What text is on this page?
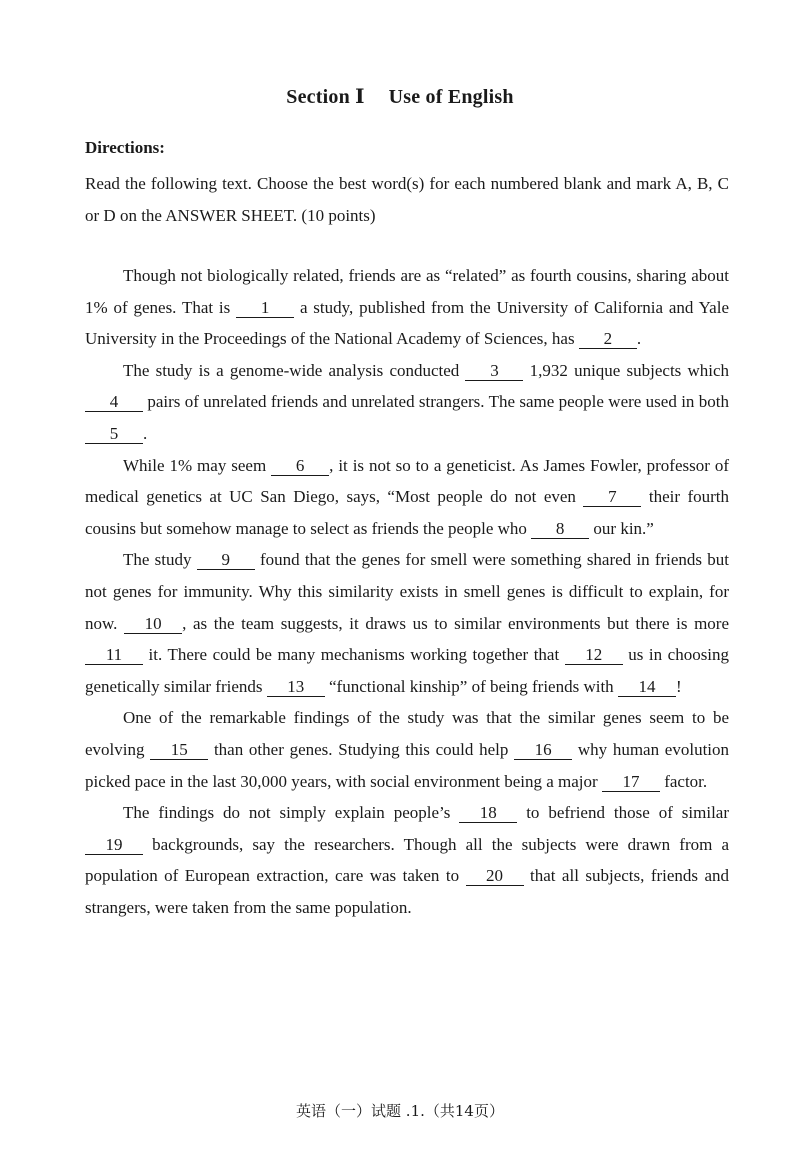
Section Ⅰ Use of English
Directions:
Read the following text. Choose the best word(s) for each numbered blank and mark A, B, C or D on the ANSWER SHEET. (10 points)

Though not biologically related, friends are as “related” as fourth cousins, sharing about 1% of genes. That is 1 a study, published from the University of California and Yale University in the Proceedings of the National Academy of Sciences, has 2 .

The study is a genome-wide analysis conducted 3 1,932 unique subjects which 4 pairs of unrelated friends and unrelated strangers. The same people were used in both 5 .

While 1% may seem 6 , it is not so to a geneticist. As James Fowler, professor of medical genetics at UC San Diego, says, “Most people do not even 7 their fourth cousins but somehow manage to select as friends the people who 8 our kin.”

The study 9 found that the genes for smell were something shared in friends but not genes for immunity. Why this similarity exists in smell genes is difficult to explain, for now. 10 , as the team suggests, it draws us to similar environments but there is more 11 it. There could be many mechanisms working together that 12 us in choosing genetically similar friends 13 “functional kinship” of being friends with 14 !

One of the remarkable findings of the study was that the similar genes seem to be evolving 15 than other genes. Studying this could help 16 why human evolution picked pace in the last 30,000 years, with social environment being a major 17 factor.

The findings do not simply explain people’s 18 to befriend those of similar 19 backgrounds, say the researchers. Though all the subjects were drawn from a population of European extraction, care was taken to 20 that all subjects, friends and strangers, were taken from the same population.

英语（一）试题 .1.（共14页）
